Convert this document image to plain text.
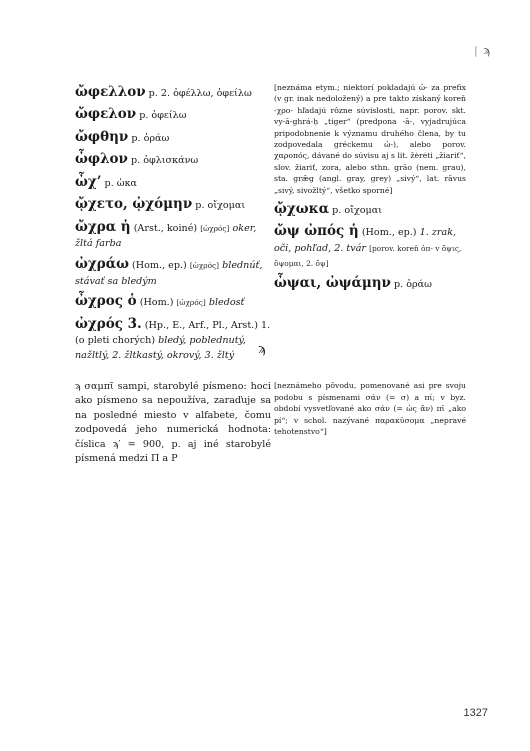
| ϡ
ὤφελλον p. 2. ὀφέλλω, ὀφείλω
ὤφελον p. ὀφείλω
ὤφθην p. ὁράω
ὦφλον p. ὀφλισκάνω
ὦχ’ p. ὠκα
ᾤχετο, ᾠχόμην p. οἴχομαι
ὤχρα ἡ (Arst., koiné) [ὠχρός] oker, žltá farba
ὠχράω (Hom., ep.) [ὠχρός] blednúť, stávať sa bledým
ὦχρος ὁ (Hom.) [ὠχρός] bledosť
ὠχρός 3. (Hp., E., Arf., Pl., Arst.) 1. (o pleti chorých) bledý, poblednutý, nažltlý, 2. žltkastý, okrový, 3. žltý
[neznáma etym.; niektorí pokladajú ὠ- za prefix (v gr. inak nedoložený) a pre takto získaný koreň -χρο- hľadajú rôzne súvislosti, napr. porov. skt. vy-ā-ghrá-ḥ „tiger“ (predpona -ā-, vyjadrujúca pripodobnenie k významu druhého člena, by tu zodpovedala gréckemu ὠ-), alebo porov. χαροπός, dávané do súvisu aj s lit. žėrėti „žiariť“, slov. žiariť, zora, alebo sthn. grāo (nem. grau), sta. grǣg (angl. gray, grey) „sivý“, lat. rāvus „sivý, sivožltý“, všetko sporné]
ᾤχωκα p. οἴχομαι
ὤψ ὠπός ἡ (Hom., ep.) 1. zrak, oči, pohľad, 2. tvár [porov. koreň ὀπ- v ὄψις, ὄψομαι, 2. ὄψ]
ὦψαι, ὠψάμην p. ὁράω
ϡ
ϡ σαμπῖ sampi, starobylé písmeno: hoci ako písmeno sa nepoužíva, zaraďuje sa na posledné miesto v alfabete, čomu zodpovedá jeho numerická hodnota: číslica ϡ′ = 900, p. aj iné starobylé písmená medzi Π a Ρ
[neznámeho pôvodu, pomenované asi pre svoju podobu s písmenami σάν (= σ) a πί; v byz. období vysvetľované ako σάν (= ὡς ἄν) πῖ „ako pí“; v schol. nazývané παρακῦσομα „nepravé tehotenstvo“]
1327
